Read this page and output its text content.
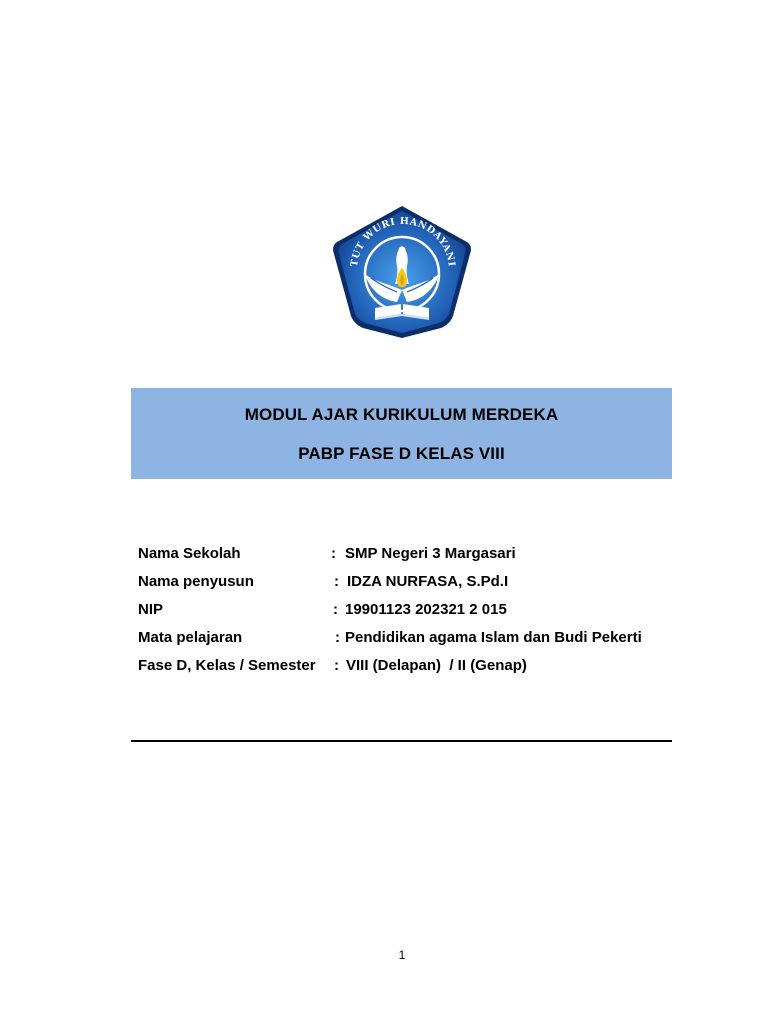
TUT WURI HANDAYANI
MODUL AJAR KURIKULUM MERDEKA
PABP FASE D KELAS VIII
Nama Sekolah	: SMP Negeri 3 Margasari
Nama penyusun	: IDZA NURFASA, S.Pd.I
NIP	: 19901123 202321 2 015
Mata pelajaran	: Pendidikan agama Islam dan Budi Pekerti
Fase D, Kelas / Semester : VIII (Delapan)  / II (Genap)
1
